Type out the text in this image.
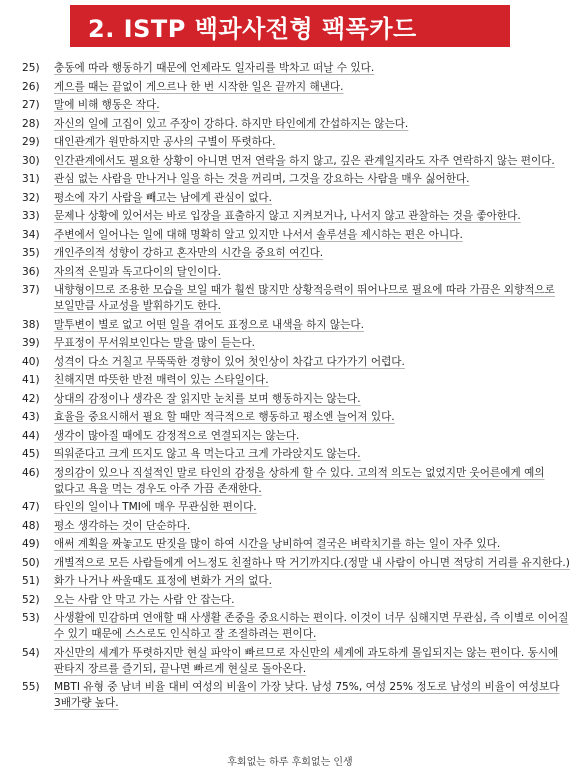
2. ISTP 백과사전형 팩폭카드
25)	충동에 따라 행동하기 때문에 언제라도 일자리를 박차고 떠날 수 있다.
26)	게으를 때는 끝없이 게으르나 한 번 시작한 일은 끝까지 해낸다.
27)	말에 비해 행동은 작다.
28)	자신의 일에 고집이 있고 주장이 강하다. 하지만 타인에게 간섭하지는 않는다.
29)	대인관계가 원만하지만 공사의 구별이 뚜렷하다.
30)	인간관계에서도 필요한 상황이 아니면 먼저 연락을 하지 않고, 깊은 관계일지라도 자주 연락하지 않는 편이다.
31)	관심 없는 사람을 만나거나 일을 하는 것을 꺼리며, 그것을 강요하는 사람을 매우 싫어한다.
32)	평소에 자기 사람을 빼고는 남에게 관심이 없다.
33)	문제나 상황에 있어서는 바로 입장을 표출하지 않고 지켜보거나, 나서지 않고 관찰하는 것을 좋아한다.
34)	주변에서 일어나는 일에 대해 명확히 알고 있지만 나서서 솔루션을 제시하는 편은 아니다.
35)	개인주의적 성향이 강하고 혼자만의 시간을 중요히 여긴다.
36)	자의적 은밀과 독고다이의 달인이다.
37)	내향형이므로 조용한 모습을 보일 때가 훨씬 많지만 상황적응력이 뛰어나므로 필요에 따라 가끔은 외향적으로 보일만큼 사교성을 발휘하기도 한다.
38)	말투변이 별로 없고 어떤 일을 겪어도 표정으로 내색을 하지 않는다.
39)	무표정이 무서워보인다는 말을 많이 듣는다.
40)	성격이 다소 거칠고 무뚝뚝한 경향이 있어 첫인상이 차갑고 다가가기 어렵다.
41)	친해지면 따뜻한 반전 매력이 있는 스타일이다.
42)	상대의 감정이나 생각은 잘 읽지만 눈치를 보며 행동하지는 않는다.
43)	효율을 중요시해서 필요 할 때만 적극적으로 행동하고 평소엔 늘어져 있다.
44)	생각이 많아질 때에도 감정적으로 연결되지는 않는다.
45)	띄워준다고 크게 뜨지도 않고 욕 먹는다고 크게 가라앉지도 않는다.
46)	정의감이 있으나 직설적인 말로 타인의 감정을 상하게 할 수 있다. 고의적 의도는 없었지만 웃어른에게 예의 없다고 욕을 먹는 경우도 아주 가끔 존재한다.
47)	타인의 일이나 TMI에 매우 무관심한 편이다.
48)	평소 생각하는 것이 단순하다.
49)	애써 계획을 짜놓고도 딴짓을 많이 하여 시간을 낭비하여 결국은 벼락치기를 하는 일이 자주 있다.
50)	개별적으로 모든 사람들에게 어느정도 친절하나 딱 거기까지다.(정말 내 사람이 아니면 적당히 거리를 유지한다.)
51)	화가 나거나 싸울때도 표정에 변화가 거의 없다.
52)	오는 사람 안 막고 가는 사람 안 잡는다.
53)	사생활에 민감하며 연애할 때 사생활 존중을 중요시하는 편이다. 이것이 너무 심해지면 무관심, 즉 이별로 이어질 수 있기 때문에 스스로도 인식하고 잘 조절하려는 편이다.
54)	자신만의 세계가 뚜렷하지만 현실 파악이 빠르므로 자신만의 세계에 과도하게 몰입되지는 않는 편이다. 동시에 판타지 장르를 즐기되, 끝나면 빠르게 현실로 돌아온다.
55)	MBTI 유형 중 남녀 비율 대비 여성의 비율이 가장 낮다. 남성 75%, 여성 25% 정도로 남성의 비율이 여성보다 3배가량 높다.
후회없는 하루 후회없는 인생
